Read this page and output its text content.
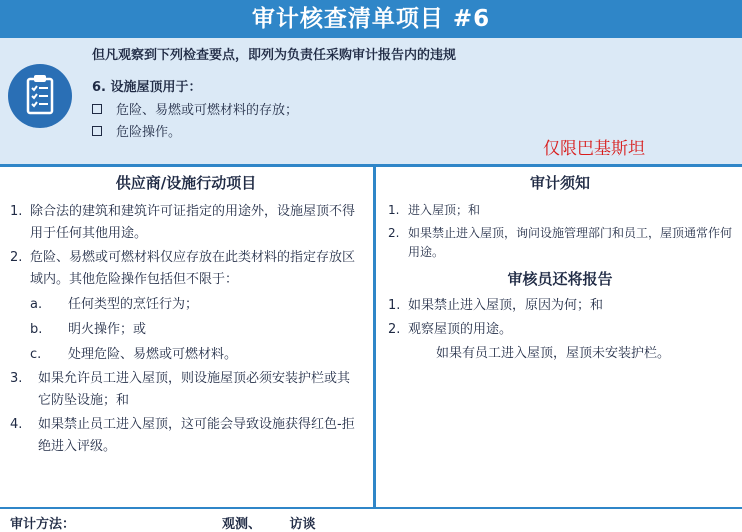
审计核查清单项目 #6
但凡观察到下列检查要点，即列为负责任采购审计报告内的违规
6. 设施屋顶用于：
危险、易燃或可燃材料的存放；
危险操作。
仅限巴基斯坦
供应商/设施行动项目
1. 除合法的建筑和建筑许可证指定的用途外，设施屋顶不得用于任何其他用途。
2. 危险、易燃或可燃材料仅应存放在此类材料的指定存放区域内。其他危险操作包括但不限于：
a. 任何类型的烹饪行为；
b. 明火操作；或
c. 处理危险、易燃或可燃材料。
3. 如果允许员工进入屋顶，则设施屋顶必须安装护栏或其它防坠设施；和
4. 如果禁止员工进入屋顶，这可能会导致设施获得红色-拒绝进入评级。
审计须知
1. 进入屋顶；和
2. 如果禁止进入屋顶，询问设施管理部门和员工，屋顶通常作何用途。
审核员还将报告
1. 如果禁止进入屋顶，原因为何；和
2. 观察屋顶的用途。
如果有员工进入屋顶，屋顶未安装护栏。
审计方法：	观测、 访谈
